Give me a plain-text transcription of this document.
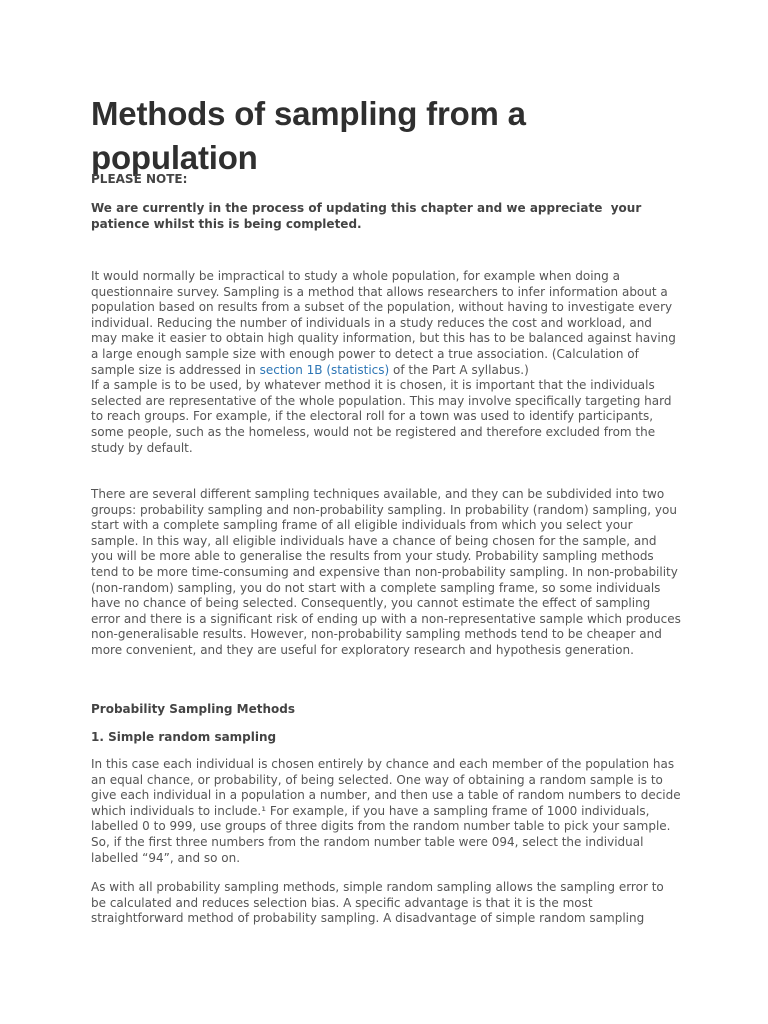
Methods of sampling from a population
PLEASE NOTE:
We are currently in the process of updating this chapter and we appreciate  your patience whilst this is being completed.

It would normally be impractical to study a whole population, for example when doing a questionnaire survey. Sampling is a method that allows researchers to infer information about a population based on results from a subset of the population, without having to investigate every individual. Reducing the number of individuals in a study reduces the cost and workload, and may make it easier to obtain high quality information, but this has to be balanced against having a large enough sample size with enough power to detect a true association. (Calculation of sample size is addressed in section 1B (statistics) of the Part A syllabus.)

If a sample is to be used, by whatever method it is chosen, it is important that the individuals selected are representative of the whole population. This may involve specifically targeting hard to reach groups. For example, if the electoral roll for a town was used to identify participants, some people, such as the homeless, would not be registered and therefore excluded from the study by default.

There are several different sampling techniques available, and they can be subdivided into two groups: probability sampling and non-probability sampling. In probability (random) sampling, you start with a complete sampling frame of all eligible individuals from which you select your sample. In this way, all eligible individuals have a chance of being chosen for the sample, and you will be more able to generalise the results from your study. Probability sampling methods tend to be more time-consuming and expensive than non-probability sampling. In non-probability (non-random) sampling, you do not start with a complete sampling frame, so some individuals have no chance of being selected. Consequently, you cannot estimate the effect of sampling error and there is a significant risk of ending up with a non-representative sample which produces non-generalisable results. However, non-probability sampling methods tend to be cheaper and more convenient, and they are useful for exploratory research and hypothesis generation.

Probability Sampling Methods
1. Simple random sampling

In this case each individual is chosen entirely by chance and each member of the population has an equal chance, or probability, of being selected. One way of obtaining a random sample is to give each individual in a population a number, and then use a table of random numbers to decide which individuals to include.¹ For example, if you have a sampling frame of 1000 individuals, labelled 0 to 999, use groups of three digits from the random number table to pick your sample. So, if the first three numbers from the random number table were 094, select the individual labelled “94”, and so on.

As with all probability sampling methods, simple random sampling allows the sampling error to be calculated and reduces selection bias. A specific advantage is that it is the most straightforward method of probability sampling. A disadvantage of simple random sampling
